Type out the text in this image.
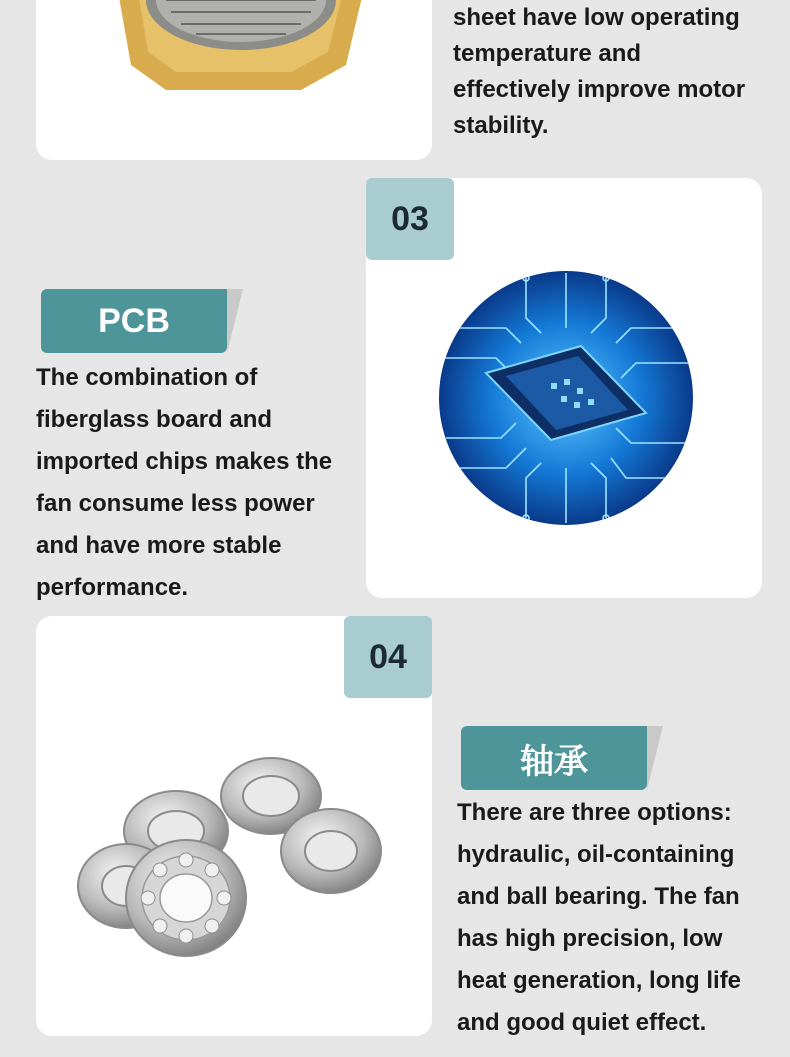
sheet have low operating
temperature and
effectively improve motor
stability.

03
PCB

The combination of
fiberglass board and
imported chips makes the
fan consume less power
and have more stable
performance.

04
轴承

There are three options:
hydraulic, oil-containing
and ball bearing. The fan
has high precision, low
heat generation, long life
and good quiet effect.
